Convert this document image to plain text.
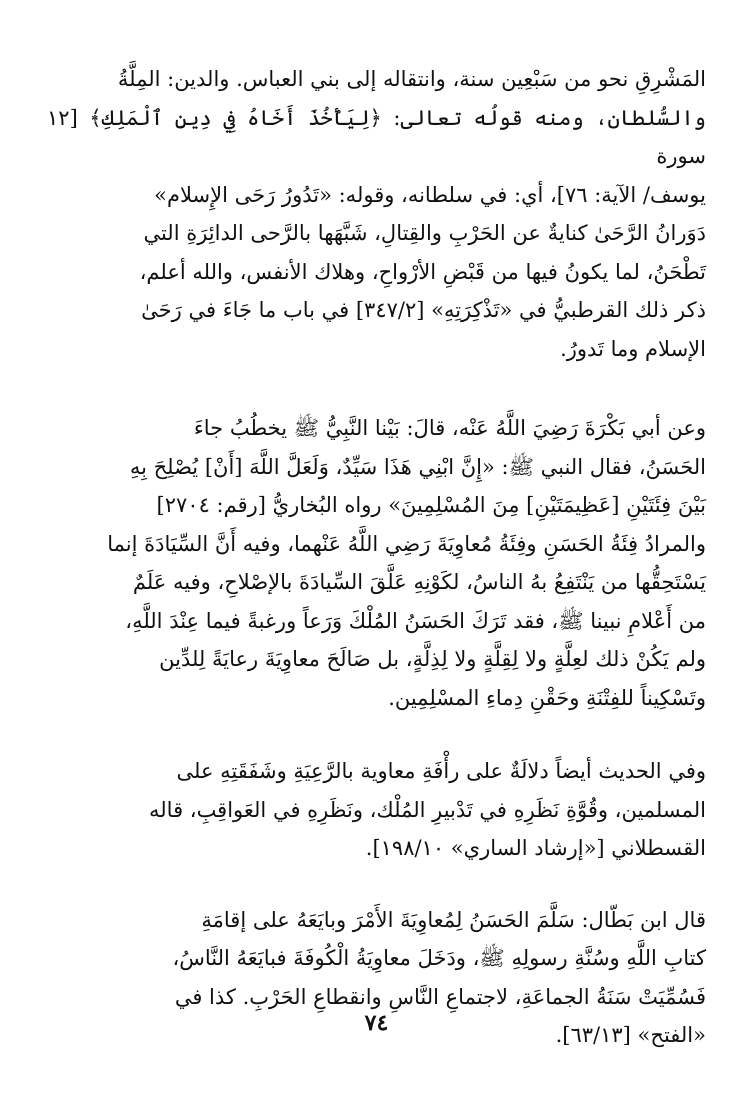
المَشْرِقِ نحو من سَبْعِين سنة، وانتقاله إلى بني العباس. والدين: المِلَّةُ
والسُّلطان، ومنه قولُه تعالى: ﴿لِيَأْخُذَ أَخَاهُ فِي دِينِ ٱلْمَلِكِ﴾ [١٢ سورة
يوسف/ الآية: ٧٦]، أي: في سلطانه، وقوله: «تَدُورُ رَحَى الإِسلام»
دَوَرانُ الرَّحَىٰ كنايةٌ عن الحَرْبِ والقِتالِ، شَبَّهَها بالرَّحى الدائِرَةِ التي
تَطْحَنُ، لما يكونُ فيها من قَبْضِ الأرْواحِ، وهلاك الأنفس، والله أعلم،
ذكر ذلك القرطبيُّ في «تَذْكِرَتِهِ» [٣٤٧/٢] في باب ما جَاءَ في رَحَىٰ
الإسلام وما تَدورُ.
وعن أبي بَكْرَةَ رَضِيَ اللَّهُ عَنْه، قالَ: بَيْنا النَّبِيُّ ﷺ يخطُبُ جاءَ
الحَسَنُ، فقال النبي ﷺ: «إِنَّ ابْنِي هَذَا سَيِّدٌ، وَلَعَلَّ اللَّهَ [أَنْ] يُصْلِحَ بِهِ
بَيْنَ فِئَتَيْنِ [عَظِيمَتَيْنِ] مِنَ المُسْلِمِينَ» رواه البُخاريُّ [رقم: ٢٧٠٤]
والمرادُ فِئَةُ الحَسَنِ وفِئَةُ مُعاوِيَةَ رَضِي اللَّهُ عَنْهما، وفيه أَنَّ السِّيَادَةَ إنما
يَسْتَحِقُّها من يَنْتَفِعُ بهُ الناسُ، لكَوْنِهِ عَلَّقَ السِّيادَةَ بالإصْلاحِ، وفيه عَلَمٌ
من أَعْلامِ نبينا ﷺ، فقد تَرَكَ الحَسَنُ المُلْكَ وَرَعاً ورغبةً فيما عِنْدَ اللَّهِ،
ولم يَكُنْ ذلك لعِلَّةٍ ولا لِقِلَّةٍ ولا لِذِلَّةٍ، بل صَالَحَ معاوِيَةَ رعايَةً لِلدِّين
وتَسْكِيناً للفِتْنَةِ وحَقْنِ دِماءِ المسْلِمِين.
وفي الحديث أيضاً دلالَةٌ على رأْفَةِ معاوية بالرَّعِيَةِ وشَفَقَتِهِ على
المسلمين، وقُوَّةِ نَظَرِهِ في تَدْبيرِ المُلْك، ونَظَرِهِ في العَواقِبِ، قاله
القسطلاني [«إرشاد الساري» ١٩٨/١٠].
قال ابن بَطّال: سَلَّمَ الحَسَنُ لِمُعاوِيَةَ الأَمْرَ وبايَعَهُ على إقامَةِ
كتابِ اللَّهِ وسُنَّةِ رسولِهِ ﷺ، ودَخَلَ معاوِيَةُ الْكُوفَةَ فبايَعَهُ النَّاسُ،
فَسُمِّيَتْ سَنَةُ الجماعَةِ، لاجتماعِ النَّاسِ وانقطاعِ الحَرْبِ. كذا في
«الفتح» [٦٣/١٣].
٧٤
